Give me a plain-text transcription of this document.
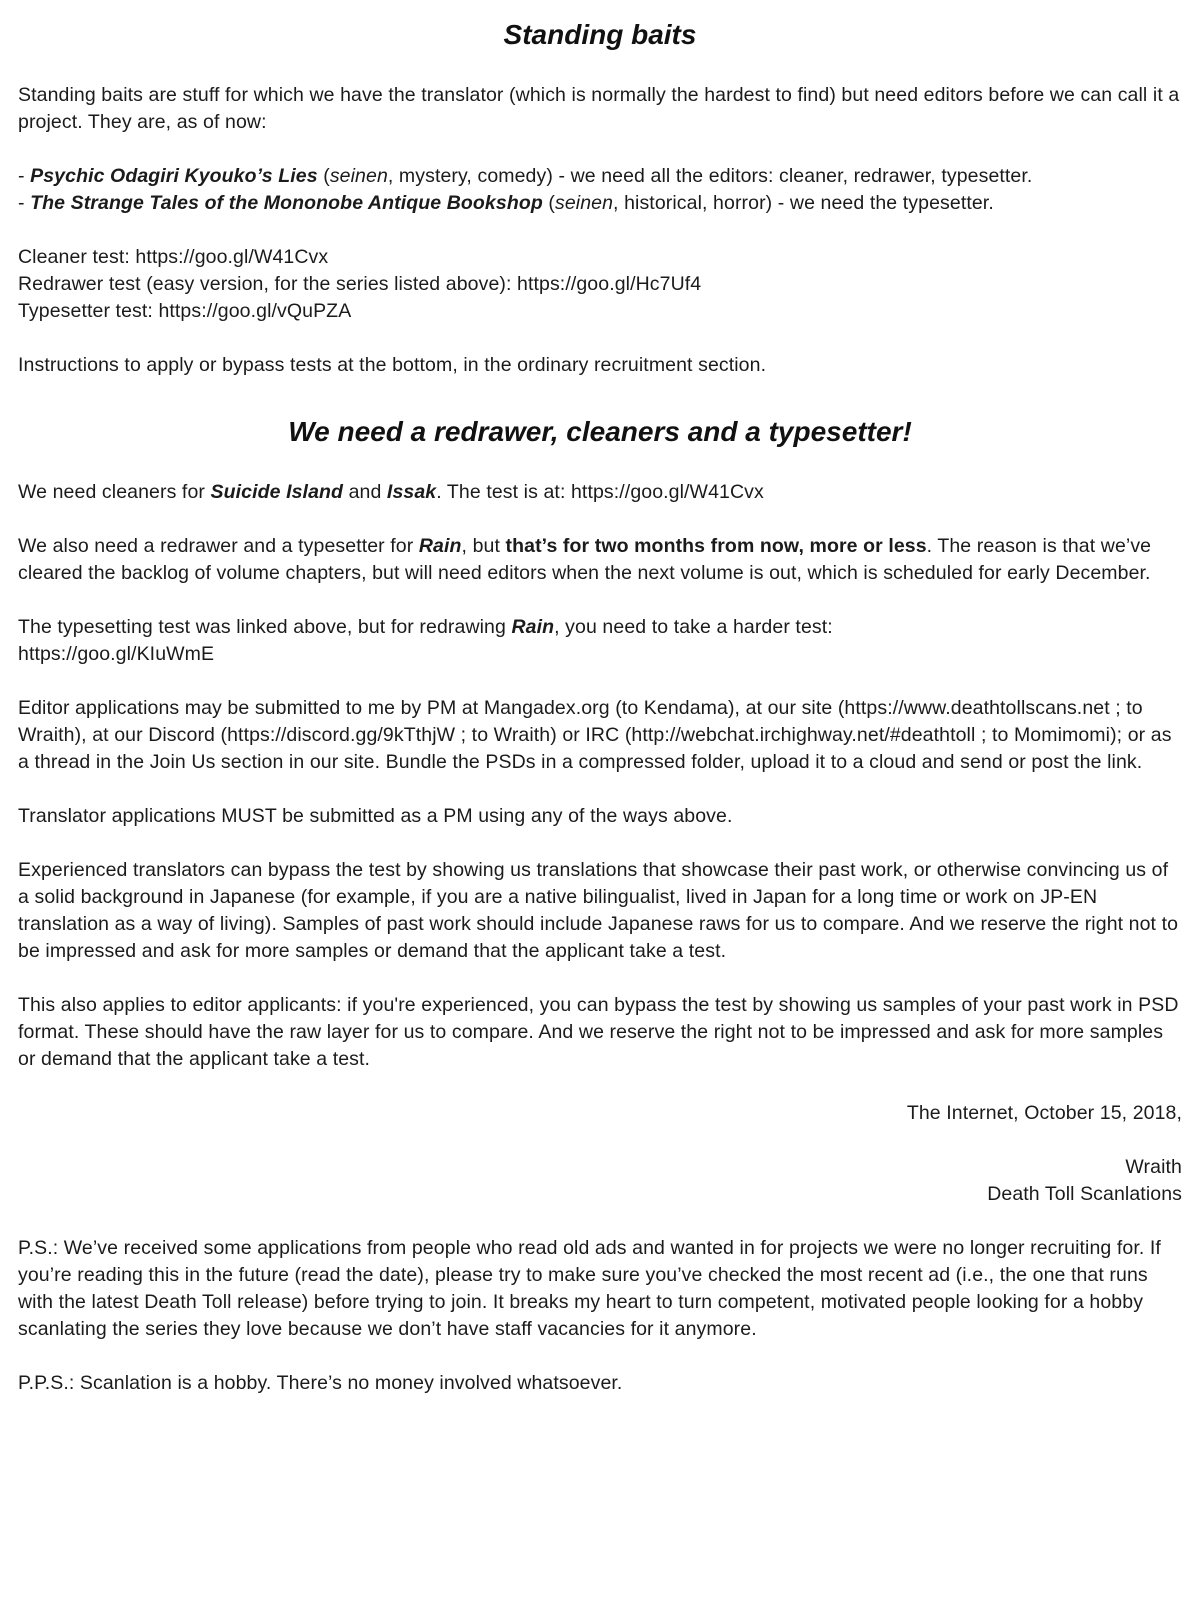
Standing baits

Standing baits are stuff for which we have the translator (which is normally the hardest to find) but need editors before we can call it a project. They are, as of now:

- Psychic Odagiri Kyouko’s Lies (seinen, mystery, comedy) - we need all the editors: cleaner, redrawer, typesetter.
- The Strange Tales of the Mononobe Antique Bookshop (seinen, historical, horror) - we need the typesetter.

Cleaner test: https://goo.gl/W41Cvx
Redrawer test (easy version, for the series listed above): https://goo.gl/Hc7Uf4
Typesetter test: https://goo.gl/vQuPZA

Instructions to apply or bypass tests at the bottom, in the ordinary recruitment section.

We need a redrawer, cleaners and a typesetter!

We need cleaners for Suicide Island and Issak. The test is at: https://goo.gl/W41Cvx

We also need a redrawer and a typesetter for Rain, but that’s for two months from now, more or less. The reason is that we’ve cleared the backlog of volume chapters, but will need editors when the next volume is out, which is scheduled for early December.

The typesetting test was linked above, but for redrawing Rain, you need to take a harder test:
https://goo.gl/KIuWmE

Editor applications may be submitted to me by PM at Mangadex.org (to Kendama), at our site (https://www.deathtollscans.net ; to Wraith), at our Discord (https://discord.gg/9kTthjW ; to Wraith) or IRC (http://webchat.irchighway.net/#deathtoll ; to Momimomi); or as a thread in the Join Us section in our site. Bundle the PSDs in a compressed folder, upload it to a cloud and send or post the link.

Translator applications MUST be submitted as a PM using any of the ways above.

Experienced translators can bypass the test by showing us translations that showcase their past work, or otherwise convincing us of a solid background in Japanese (for example, if you are a native bilingualist, lived in Japan for a long time or work on JP-EN translation as a way of living). Samples of past work should include Japanese raws for us to compare. And we reserve the right not to be impressed and ask for more samples or demand that the applicant take a test.

This also applies to editor applicants: if you're experienced, you can bypass the test by showing us samples of your past work in PSD format. These should have the raw layer for us to compare. And we reserve the right not to be impressed and ask for more samples or demand that the applicant take a test.

The Internet, October 15, 2018,

Wraith
Death Toll Scanlations

P.S.: We’ve received some applications from people who read old ads and wanted in for projects we were no longer recruiting for. If you’re reading this in the future (read the date), please try to make sure you’ve checked the most recent ad (i.e., the one that runs with the latest Death Toll release) before trying to join. It breaks my heart to turn competent, motivated people looking for a hobby scanlating the series they love because we don’t have staff vacancies for it anymore.

P.P.S.: Scanlation is a hobby. There’s no money involved whatsoever.
